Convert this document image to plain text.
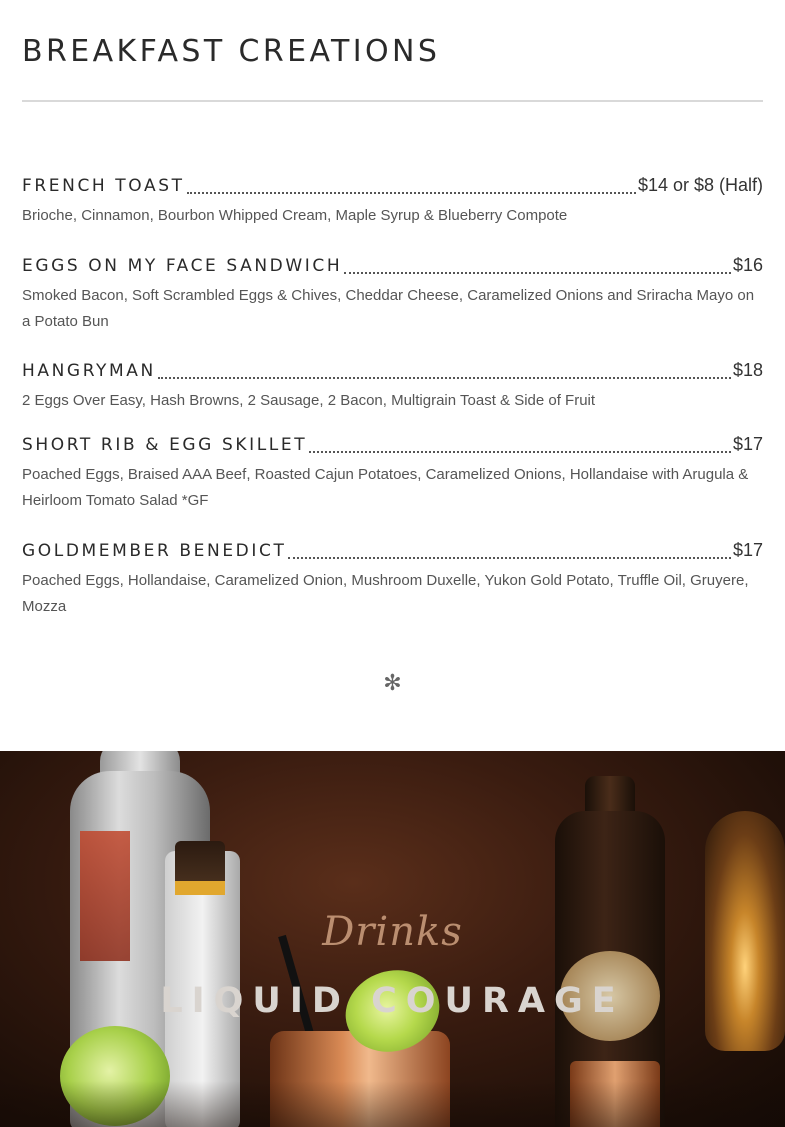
BREAKFAST CREATIONS
FRENCH TOAST	$14 or $8 (Half)
Brioche, Cinnamon, Bourbon Whipped Cream, Maple Syrup & Blueberry Compote
EGGS ON MY FACE SANDWICH	$16
Smoked Bacon, Soft Scrambled Eggs & Chives, Cheddar Cheese, Caramelized Onions and Sriracha Mayo on a Potato Bun
HANGRYMAN	$18
2 Eggs Over Easy, Hash Browns, 2 Sausage, 2 Bacon, Multigrain Toast & Side of Fruit
SHORT RIB & EGG SKILLET	$17
Poached Eggs, Braised AAA Beef, Roasted Cajun Potatoes, Caramelized Onions, Hollandaise with Arugula & Heirloom Tomato Salad *GF
GOLDMEMBER BENEDICT	$17
Poached Eggs, Hollandaise, Caramelized Onion, Mushroom Duxelle, Yukon Gold Potato, Truffle Oil, Gruyere, Mozza
✻
Drinks
LIQUID COURAGE
